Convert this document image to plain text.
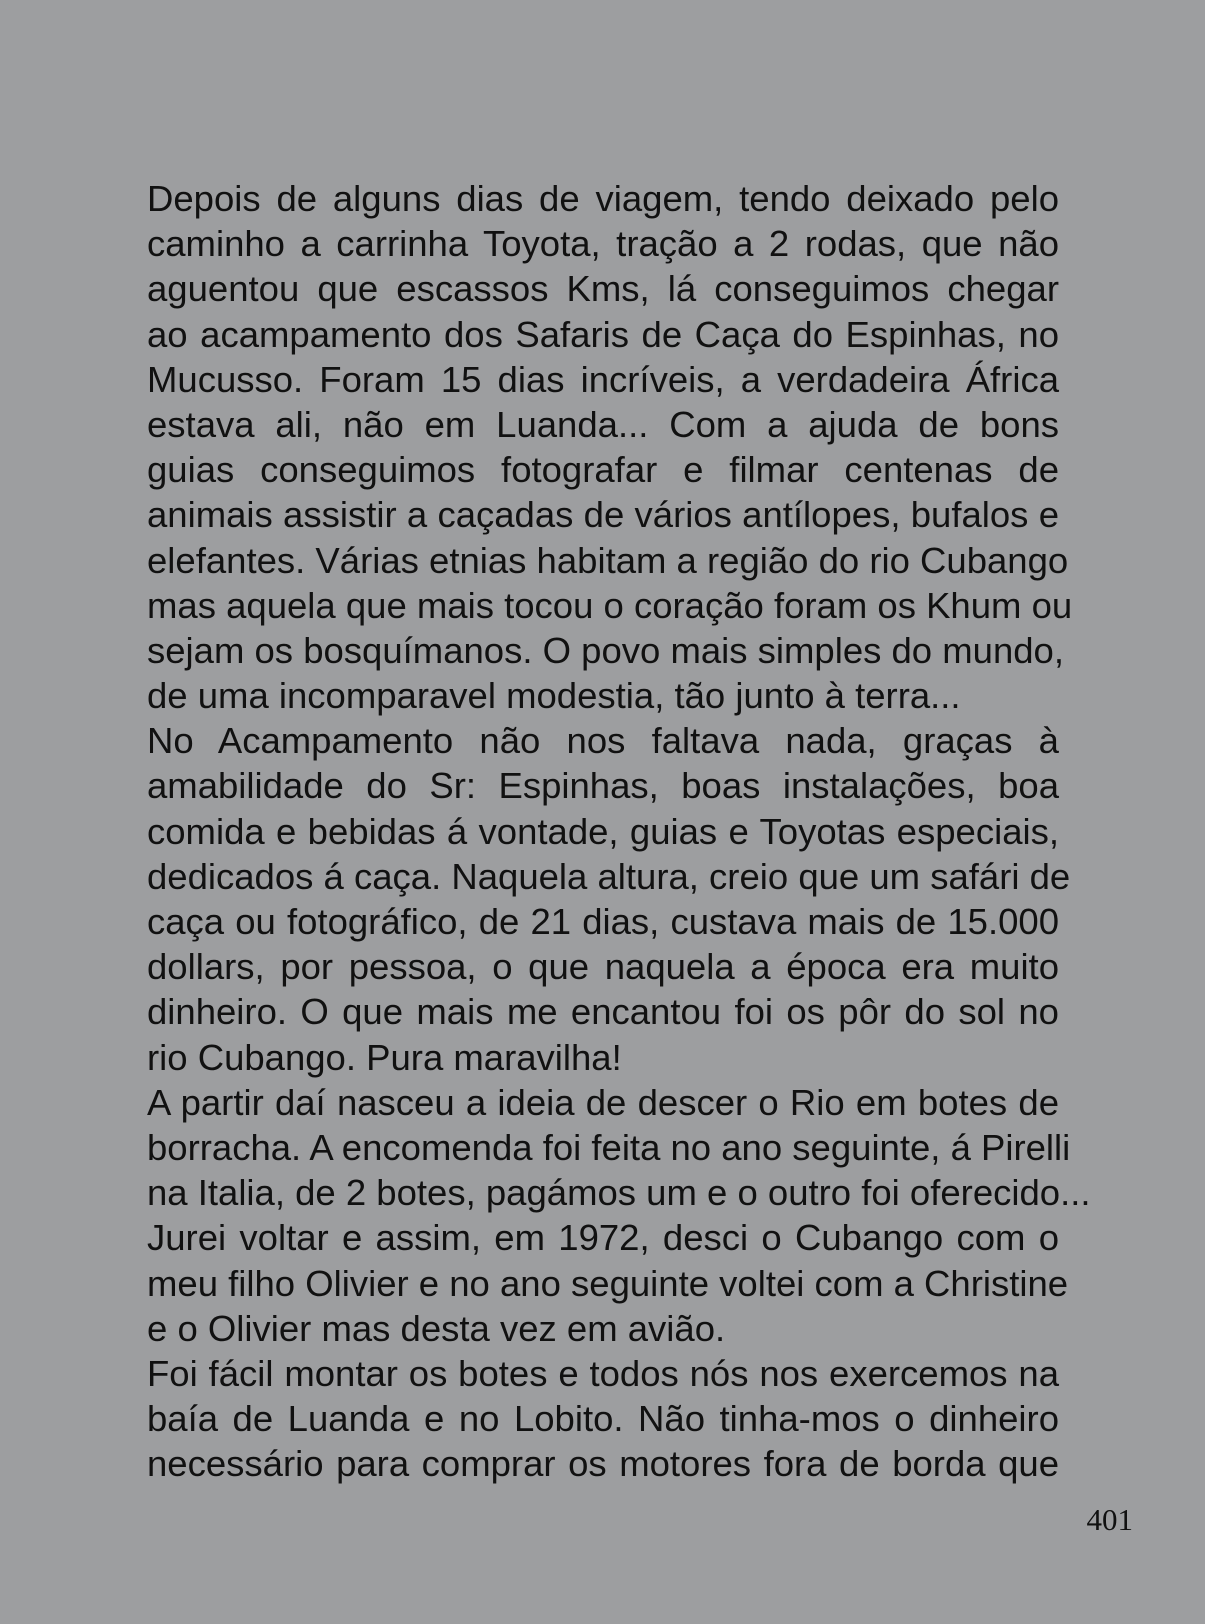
Depois de alguns dias de viagem, tendo deixado pelo
caminho a carrinha Toyota, tração a 2 rodas, que não
aguentou que escassos Kms, lá conseguimos chegar
ao acampamento dos Safaris de Caça do Espinhas, no
Mucusso. Foram 15 dias incríveis, a verdadeira África
estava ali, não em Luanda... Com a ajuda de bons
guias conseguimos fotografar e filmar centenas de
animais assistir a caçadas de vários antílopes, bufalos e
elefantes. Várias etnias habitam a região do rio Cubango
mas aquela que mais tocou o coração foram os Khum ou
sejam os bosquímanos. O povo mais simples do mundo,
de uma incomparavel modestia, tão junto à terra...
No Acampamento não nos faltava nada, graças à
amabilidade do Sr: Espinhas, boas instalações, boa
comida e bebidas á vontade, guias e Toyotas especiais,
dedicados á caça. Naquela altura, creio que um safári de
caça ou fotográfico, de 21 dias, custava mais de 15.000
dollars, por pessoa, o que naquela a época era muito
dinheiro. O que mais me encantou foi os pôr do sol no
rio Cubango. Pura maravilha!
A partir daí nasceu a ideia de descer o Rio em botes de
borracha. A encomenda foi feita no ano seguinte, á Pirelli
na Italia, de 2 botes, pagámos um e o outro foi oferecido...
Jurei voltar e assim, em 1972, desci o Cubango com o
meu filho Olivier e no ano seguinte voltei com a Christine
e o Olivier mas desta vez em avião.
Foi fácil montar os botes e todos nós nos exercemos na
baía de Luanda e no Lobito. Não tinha-mos o dinheiro
necessário para comprar os motores fora de borda que
401
